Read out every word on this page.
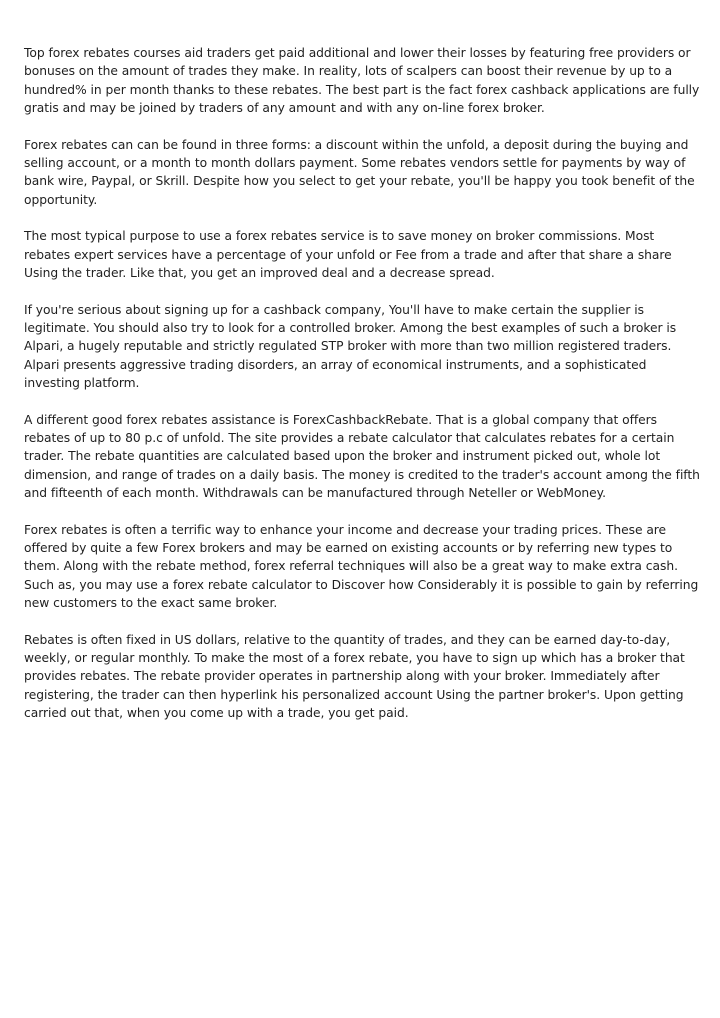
Top forex rebates courses aid traders get paid additional and lower their losses by featuring free providers or bonuses on the amount of trades they make. In reality, lots of scalpers can boost their revenue by up to a hundred% in per month thanks to these rebates. The best part is the fact forex cashback applications are fully gratis and may be joined by traders of any amount and with any on-line forex broker.

Forex rebates can can be found in three forms: a discount within the unfold, a deposit during the buying and selling account, or a month to month dollars payment. Some rebates vendors settle for payments by way of bank wire, Paypal, or Skrill. Despite how you select to get your rebate, you'll be happy you took benefit of the opportunity.

The most typical purpose to use a forex rebates service is to save money on broker commissions. Most rebates expert services have a percentage of your unfold or Fee from a trade and after that share a share Using the trader. Like that, you get an improved deal and a decrease spread.

If you're serious about signing up for a cashback company, You'll have to make certain the supplier is legitimate. You should also try to look for a controlled broker. Among the best examples of such a broker is Alpari, a hugely reputable and strictly regulated STP broker with more than two million registered traders. Alpari presents aggressive trading disorders, an array of economical instruments, and a sophisticated investing platform.

A different good forex rebates assistance is ForexCashbackRebate. That is a global company that offers rebates of up to 80 p.c of unfold. The site provides a rebate calculator that calculates rebates for a certain trader. The rebate quantities are calculated based upon the broker and instrument picked out, whole lot dimension, and range of trades on a daily basis. The money is credited to the trader's account among the fifth and fifteenth of each month. Withdrawals can be manufactured through Neteller or WebMoney.

Forex rebates is often a terrific way to enhance your income and decrease your trading prices. These are offered by quite a few Forex brokers and may be earned on existing accounts or by referring new types to them. Along with the rebate method, forex referral techniques will also be a great way to make extra cash. Such as, you may use a forex rebate calculator to Discover how Considerably it is possible to gain by referring new customers to the exact same broker.

Rebates is often fixed in US dollars, relative to the quantity of trades, and they can be earned day-to-day, weekly, or regular monthly. To make the most of a forex rebate, you have to sign up which has a broker that provides rebates. The rebate provider operates in partnership along with your broker. Immediately after registering, the trader can then hyperlink his personalized account Using the partner broker's. Upon getting carried out that, when you come up with a trade, you get paid.
